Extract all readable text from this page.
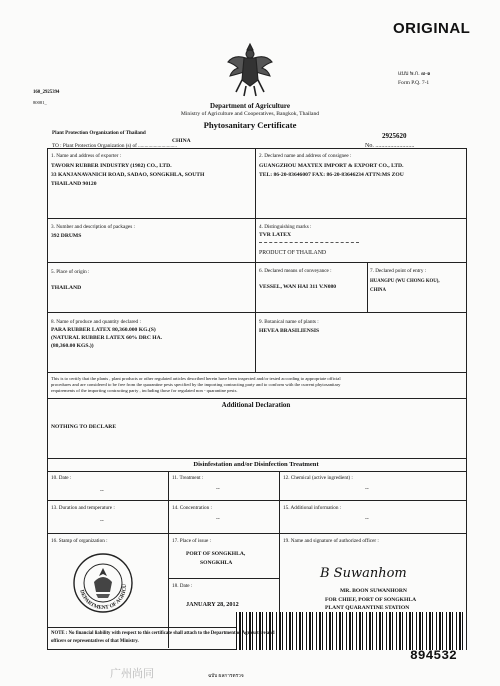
ORIGINAL
แบบ พ.ก. ๗-๑
Form P.Q. 7-1
160_2925394
80081_	Department of Agriculture
Ministry of Agriculture and Cooperatives, Bangkok, Thailand
Phytosanitary Certificate
Plant Protection Organization of Thailand
TO : Plant Protection Organization (s) of ..............................
CHINA
No. ..........................
2925620
1. Name and address of exporter :
TAVORN RUBBER INDUSTRY (1982) CO., LTD.
33 KANJANAVANICH ROAD, SADAO, SONGKHLA, SOUTH
THAILAND 90120
2. Declared name and address of consignee :
GUANGZHOU MAXTEX IMPORT & EXPORT CO., LTD.
TEL: 86-20-83646007 FAX: 86-20-83646234 ATTN:MS ZOU
3. Number and description of packages :
392 DRUMS
4. Distinguishing marks :
TVR LATEX
PRODUCT OF THAILAND
5. Place of origin :
THAILAND
6. Declared means of conveyance :
VESSEL, WAN HAI 311 V.N080
7. Declared point of entry :
HUANGPU (WU CHONG KOU),
CHINA
8. Name of produce and quantity declared :
PARA RUBBER LATEX 80,360.000 KG.(S)
(NATURAL RUBBER LATEX 60% DRC HA.
(80,360.00 KGS.))
9. Botanical name of plants :
HEVEA BRASILIENSIS
This is to certify that the plants , plant products or other regulated articles described herein have been inspected and/or tested according to appropriate official
procedures and are considered to be free from the quarantine pests specified by the importing contracting party and to conform with the current phytosanitary
requirements of the importing contracting party , including those for regulated non - quarantine pests.
Additional Declaration
NOTHING TO DECLARE
Disinfestation and/or Disinfection Treatment
10. Date :
--
11. Treatment :
--
12. Chemical (active ingredient) :
--
13. Duration and temperature :
--
14. Concentration :
--
15. Additional information :
--
16. Stamp of organization :
DEPARTMENT OF AGRICU
17. Place of issue :
PORT OF SONGKHLA,
SONGKHLA
18. Date :
JANUARY 28, 2012
19. Name and signature of authorized officer :
B Suwanhom
MR. BOON SUWANHORN
FOR CHIEF, PORT OF SONGKHLA
PLANT QUARANTINE STATION
NOTE : No financial liability with respect to this certificate shall attach to the Department of Agriculture and
officers or representatives of that Ministry.
894532
广州尚同	ฉบับ ผลการตรวจ
